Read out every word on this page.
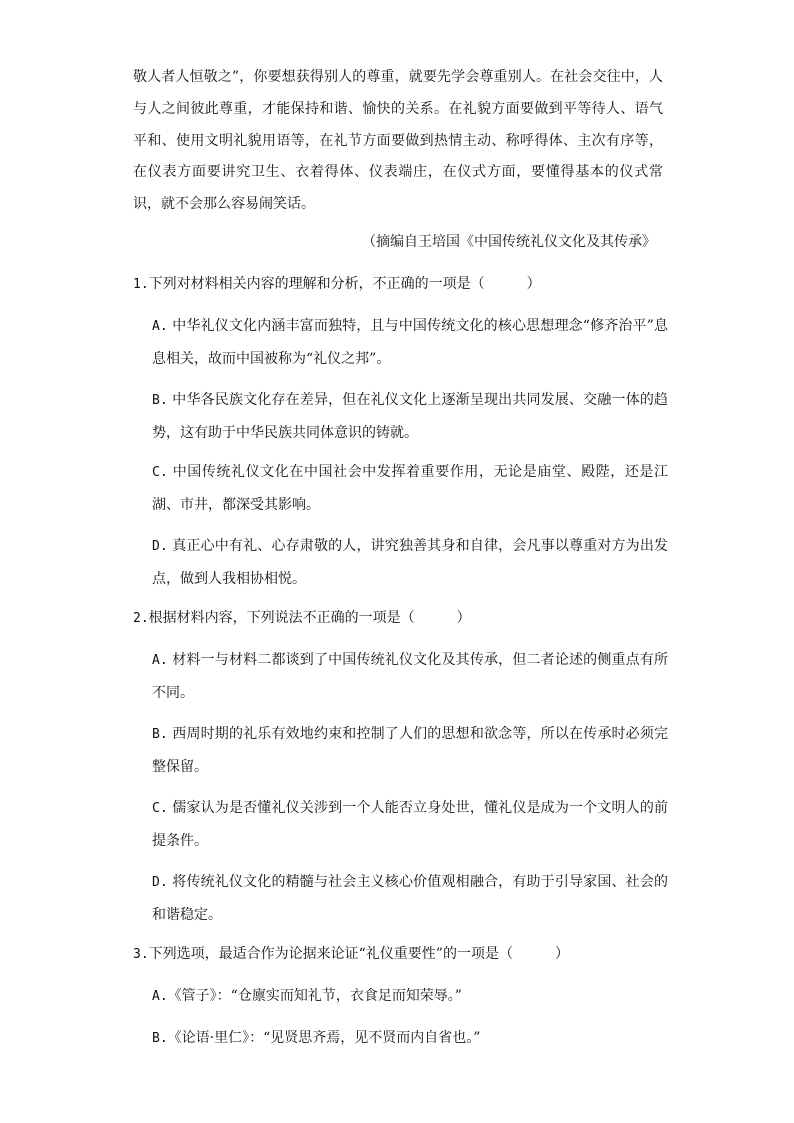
敬人者人恒敬之”，你要想获得别人的尊重，就要先学会尊重别人。在社会交往中，人与人之间彼此尊重，才能保持和谐、愉快的关系。在礼貌方面要做到平等待人、语气平和、使用文明礼貌用语等，在礼节方面要做到热情主动、称呼得体、主次有序等，在仪表方面要讲究卫生、衣着得体、仪表端庄，在仪式方面，要懂得基本的仪式常识，就不会那么容易闹笑话。

（摘编自王培国《中国传统礼仪文化及其传承》

1.下列对材料相关内容的理解和分析，不正确的一项是（　　　）

A. 中华礼仪文化内涵丰富而独特，且与中国传统文化的核心思想理念“修齐治平”息息相关，故而中国被称为“礼仪之邦”。

B. 中华各民族文化存在差异，但在礼仪文化上逐渐呈现出共同发展、交融一体的趋势，这有助于中华民族共同体意识的铸就。

C. 中国传统礼仪文化在中国社会中发挥着重要作用，无论是庙堂、殿陛，还是江湖、市井，都深受其影响。

D. 真正心中有礼、心存肃敬的人，讲究独善其身和自律，会凡事以尊重对方为出发点，做到人我相协相悦。

2.根据材料内容，下列说法不正确的一项是（　　　）

A. 材料一与材料二都谈到了中国传统礼仪文化及其传承，但二者论述的侧重点有所不同。

B. 西周时期的礼乐有效地约束和控制了人们的思想和欲念等，所以在传承时必须完整保留。

C. 儒家认为是否懂礼仪关涉到一个人能否立身处世，懂礼仪是成为一个文明人的前提条件。

D. 将传统礼仪文化的精髓与社会主义核心价值观相融合，有助于引导家国、社会的和谐稳定。

3.下列选项，最适合作为论据来论证“礼仪重要性”的一项是（　　　）

A.《管子》：“仓廪实而知礼节，衣食足而知荣辱。”

B.《论语·里仁》：“见贤思齐焉，见不贤而内自省也。”
